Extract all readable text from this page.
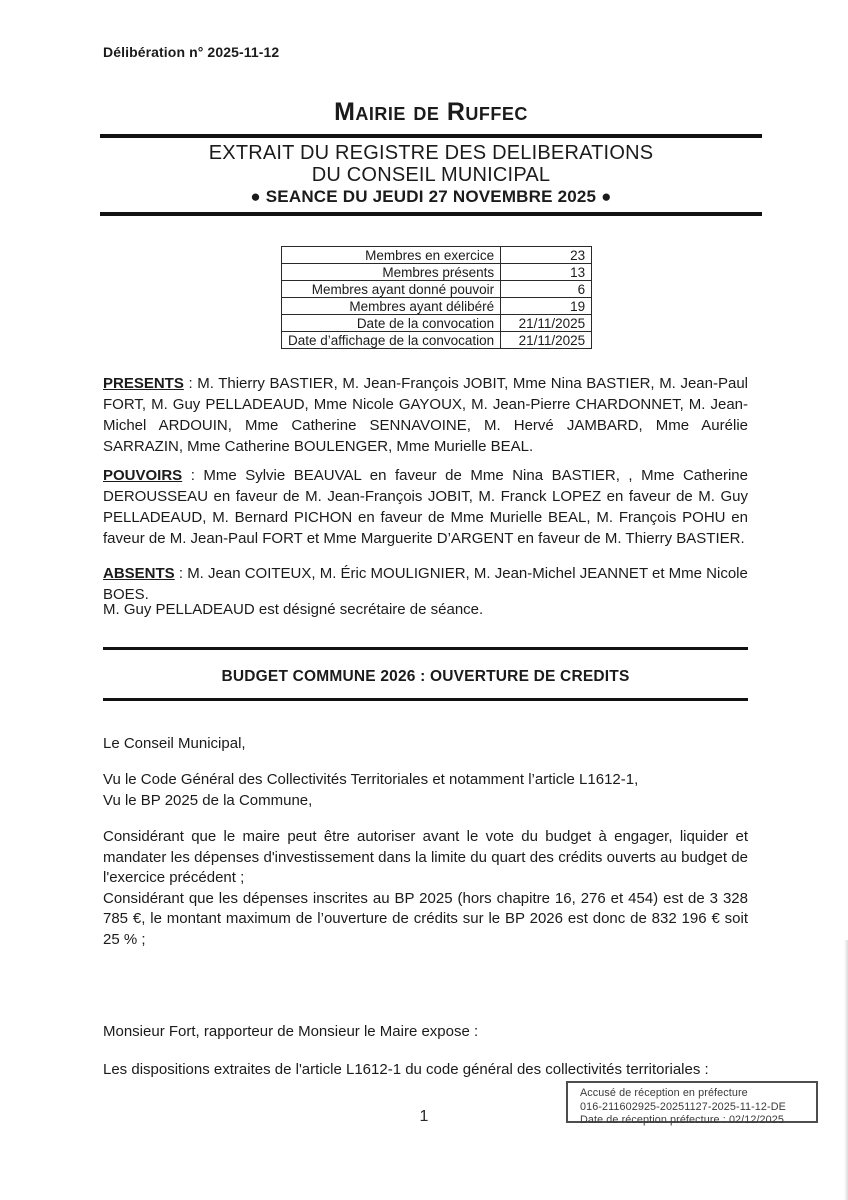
Délibération n° 2025-11-12
Mairie de Ruffec
EXTRAIT DU REGISTRE DES DELIBERATIONS
DU CONSEIL MUNICIPAL
● SEANCE DU JEUDI 27 NOVEMBRE 2025 ●
Membres en exercice	23
Membres présents	13
Membres ayant donné pouvoir	6
Membres ayant délibéré	19
Date de la convocation	21/11/2025
Date d’affichage de la convocation	21/11/2025
PRESENTS : M. Thierry BASTIER, M. Jean-François JOBIT, Mme Nina BASTIER, M. Jean-Paul FORT, M. Guy PELLADEAUD, Mme Nicole GAYOUX, M. Jean-Pierre CHARDONNET, M. Jean-Michel ARDOUIN, Mme Catherine SENNAVOINE, M. Hervé JAMBARD, Mme Aurélie SARRAZIN, Mme Catherine BOULENGER, Mme Murielle BEAL.
POUVOIRS : Mme Sylvie BEAUVAL en faveur de Mme Nina BASTIER, , Mme Catherine DEROUSSEAU en faveur de M. Jean-François JOBIT, M. Franck LOPEZ en faveur de M. Guy PELLADEAUD, M. Bernard PICHON en faveur de Mme Murielle BEAL, M. François POHU en faveur de M. Jean-Paul FORT et Mme Marguerite D’ARGENT en faveur de M. Thierry BASTIER.
ABSENTS : M. Jean COITEUX, M. Éric MOULIGNIER, M. Jean-Michel JEANNET et Mme Nicole BOES.
M. Guy PELLADEAUD est désigné secrétaire de séance.
BUDGET COMMUNE 2026 : OUVERTURE DE CREDITS
Le Conseil Municipal,
Vu le Code Général des Collectivités Territoriales et notamment l’article L1612-1,
Vu le BP 2025 de la Commune,
Considérant que le maire peut être autoriser avant le vote du budget à engager, liquider et mandater les dépenses d'investissement dans la limite du quart des crédits ouverts au budget de l'exercice précédent ;
Considérant que les dépenses inscrites au BP 2025 (hors chapitre 16, 276 et 454) est de 3 328 785 €, le montant maximum de l’ouverture de crédits sur le BP 2026 est donc de 832 196 € soit 25 % ;
Monsieur Fort, rapporteur de Monsieur le Maire expose :
Les dispositions extraites de l'article L1612-1 du code général des collectivités territoriales :
Accusé de réception en préfecture
016-211602925-20251127-2025-11-12-DE
Date de réception préfecture : 02/12/2025
1
